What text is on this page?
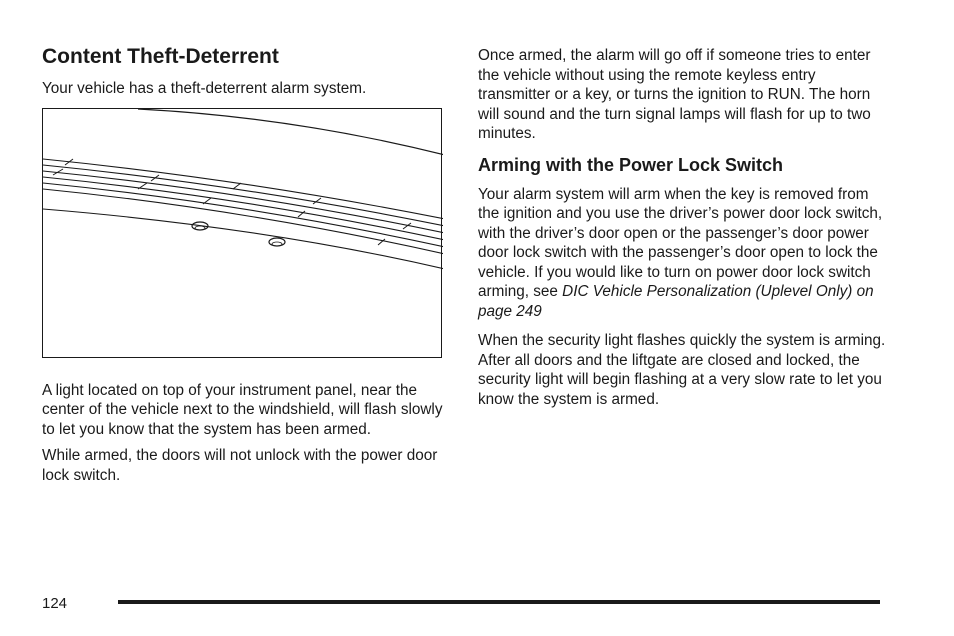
Content Theft-Deterrent

Your vehicle has a theft-deterrent alarm system.

A light located on top of your instrument panel, near the center of the vehicle next to the windshield, will flash slowly to let you know that the system has been armed.

While armed, the doors will not unlock with the power door lock switch.

Once armed, the alarm will go off if someone tries to enter the vehicle without using the remote keyless entry transmitter or a key, or turns the ignition to RUN. The horn will sound and the turn signal lamps will flash for up to two minutes.

Arming with the Power Lock Switch

Your alarm system will arm when the key is removed from the ignition and you use the driver’s power door lock switch, with the driver’s door open or the passenger’s door power door lock switch with the passenger’s door open to lock the vehicle. If you would like to turn on power door lock switch arming, see DIC Vehicle Personalization (Uplevel Only) on page 249

When the security light flashes quickly the system is arming. After all doors and the liftgate are closed and locked, the security light will begin flashing at a very slow rate to let you know the system is armed.

124
